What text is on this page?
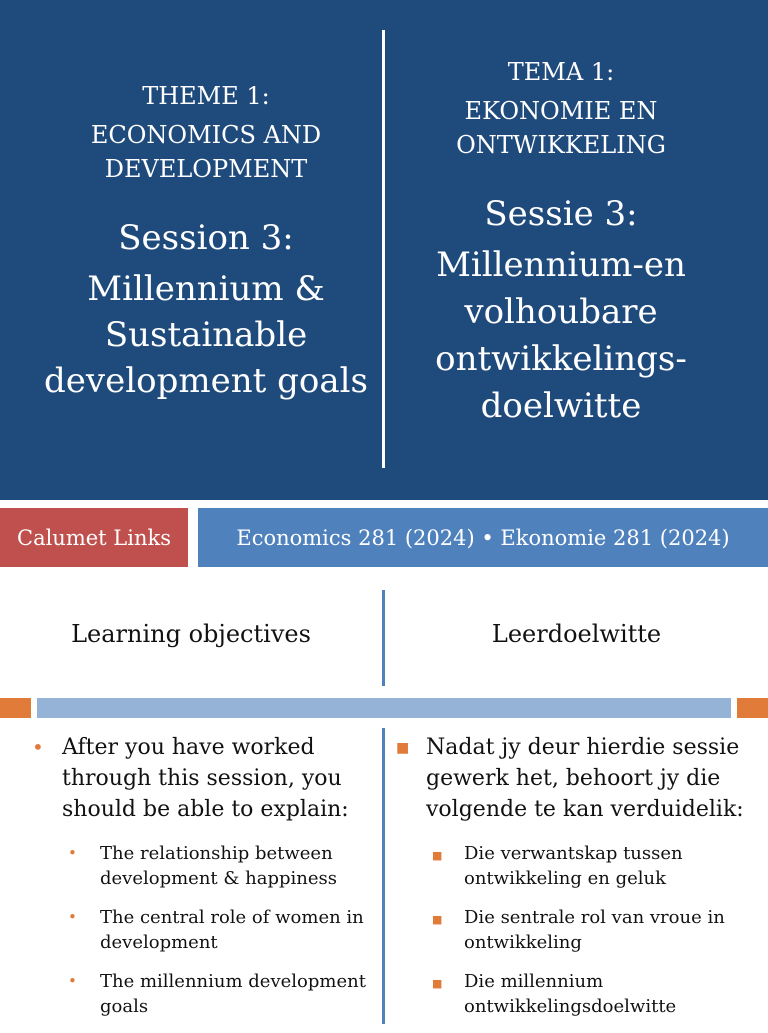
THEME 1:
ECONOMICS AND
DEVELOPMENT
Session 3:
Millennium &
Sustainable
development goals
TEMA 1:
EKONOMIE EN
ONTWIKKELING
Sessie 3:
Millennium-en
volhoubare
ontwikkelings-
doelwitte
Calumet Links	Economics 281 (2024) • Ekonomie 281 (2024)
Learning objectives	Leerdoelwitte
• After you have worked through this session, you should be able to explain:
• The relationship between development & happiness
• The central role of women in development
• The millennium development goals
■ Nadat jy deur hierdie sessie gewerk het, behoort jy die volgende te kan verduidelik:
■ Die verwantskap tussen ontwikkeling en geluk
■ Die sentrale rol van vroue in ontwikkeling
■ Die millennium ontwikkelingsdoelwitte
